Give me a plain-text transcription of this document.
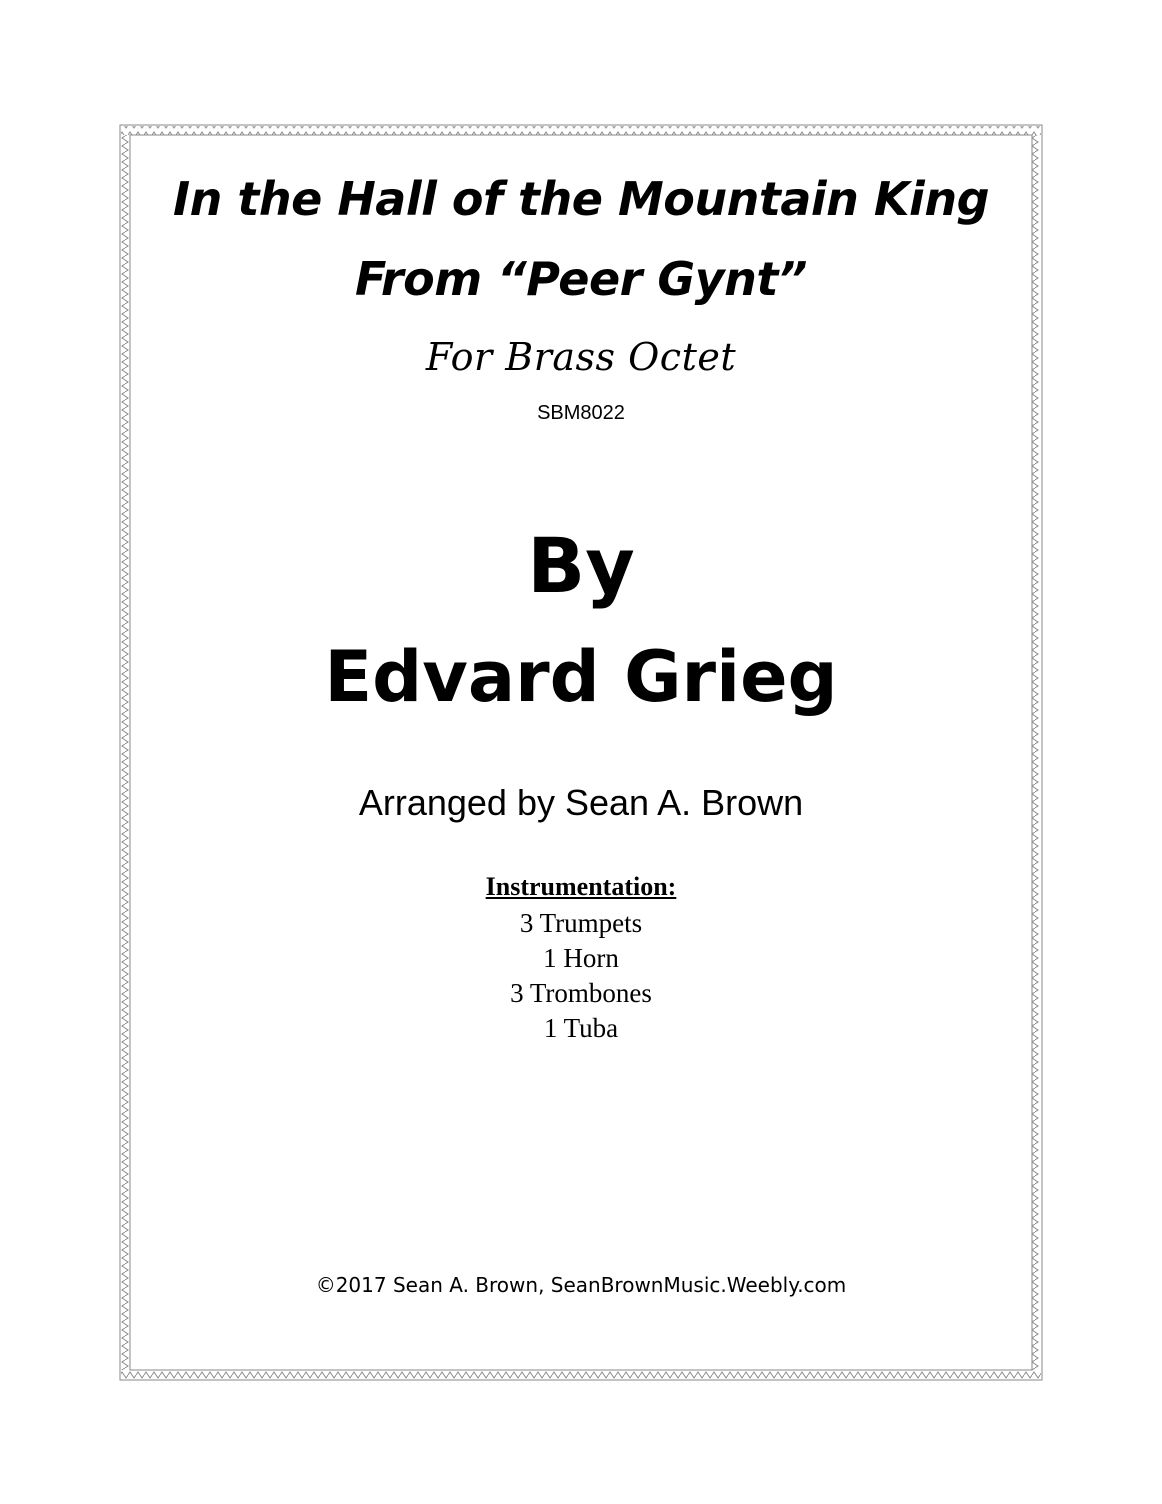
In the Hall of the Mountain King
From “Peer Gynt”
For Brass Octet
SBM8022
By
Edvard Grieg
Arranged by Sean A. Brown
Instrumentation:
3 Trumpets
1 Horn
3 Trombones
1 Tuba
©2017 Sean A. Brown, SeanBrownMusic.Weebly.com
